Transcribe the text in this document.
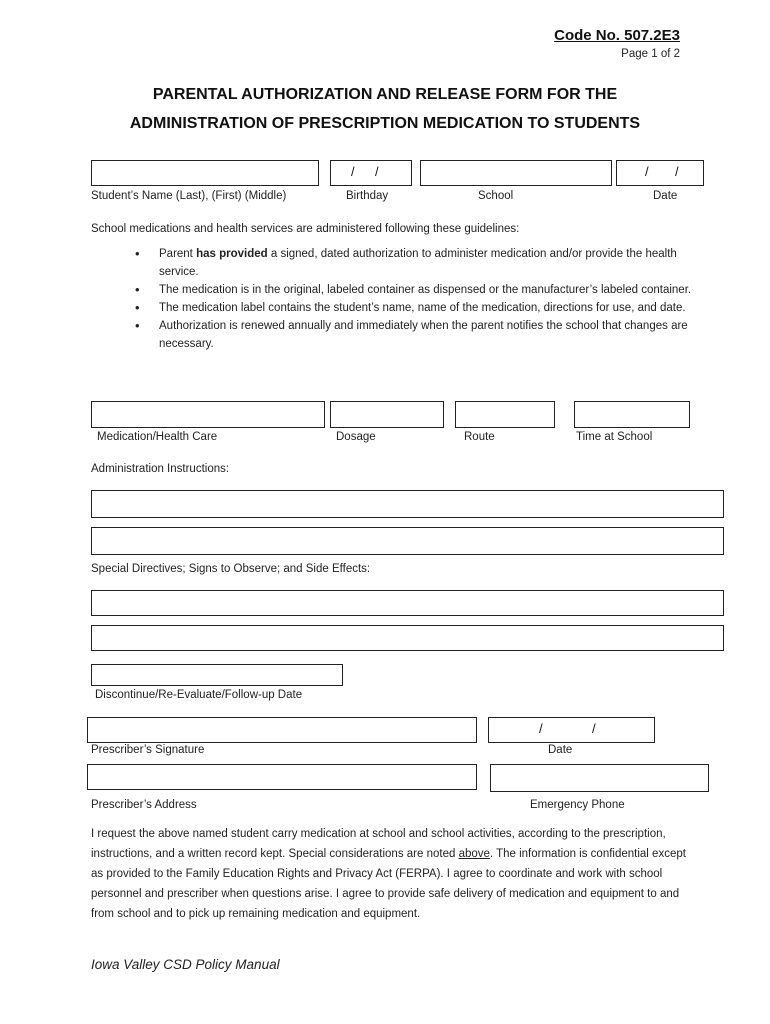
Code No. 507.2E3
Page 1 of 2
PARENTAL AUTHORIZATION AND RELEASE FORM FOR THE
ADMINISTRATION OF PRESCRIPTION MEDICATION TO STUDENTS
/ /	/ /
Student’s Name (Last), (First) (Middle)	Birthday	School	Date
School medications and health services are administered following these guidelines:
• Parent has provided a signed, dated authorization to administer medication and/or provide the health service.
• The medication is in the original, labeled container as dispensed or the manufacturer’s labeled container.
• The medication label contains the student’s name, name of the medication, directions for use, and date.
• Authorization is renewed annually and immediately when the parent notifies the school that changes are necessary.
Medication/Health Care	Dosage	Route	Time at School
Administration Instructions:
Special Directives; Signs to Observe; and Side Effects:
Discontinue/Re-Evaluate/Follow-up Date
/	/
Prescriber’s Signature	Date
Prescriber’s Address	Emergency Phone
I request the above named student carry medication at school and school activities, according to the prescription, instructions, and a written record kept. Special considerations are noted above. The information is confidential except as provided to the Family Education Rights and Privacy Act (FERPA). I agree to coordinate and work with school personnel and prescriber when questions arise. I agree to provide safe delivery of medication and equipment to and from school and to pick up remaining medication and equipment.
Iowa Valley CSD Policy Manual
